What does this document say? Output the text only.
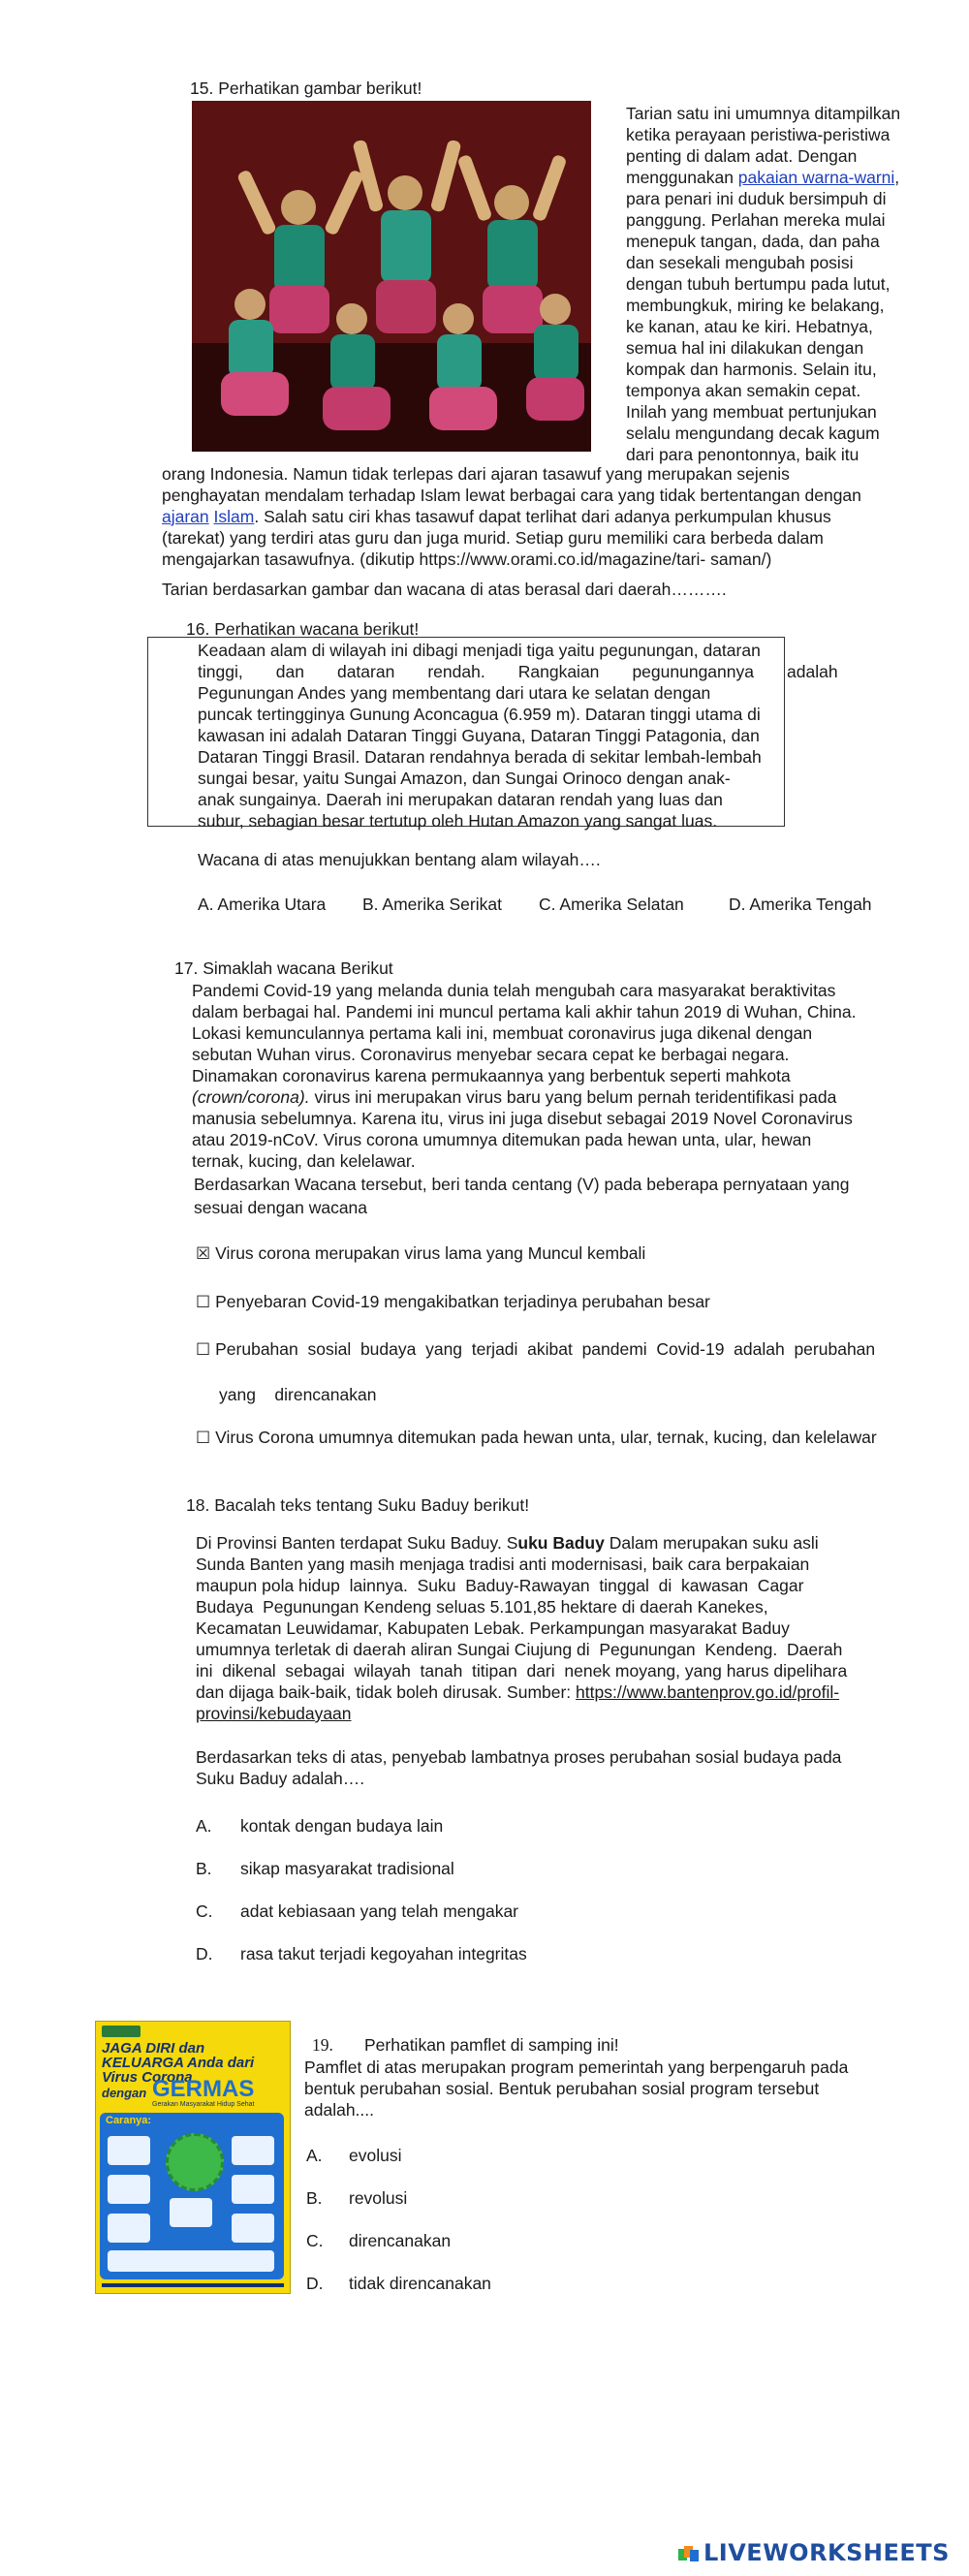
15. Perhatikan gambar berikut!
Tarian satu ini umumnya ditampilkan
ketika perayaan peristiwa-peristiwa
penting di dalam adat. Dengan
menggunakan pakaian warna-warni,
para penari ini duduk bersimpuh di
panggung. Perlahan mereka mulai
menepuk tangan, dada, dan paha
dan sesekali mengubah posisi
dengan tubuh bertumpu pada lutut,
membungkuk, miring ke belakang,
ke kanan, atau ke kiri. Hebatnya,
semua hal ini dilakukan dengan
kompak dan harmonis. Selain itu,
temponya akan semakin cepat.
Inilah yang membuat pertunjukan
selalu mengundang decak kagum
dari para penontonnya, baik itu
orang Indonesia. Namun tidak terlepas dari ajaran tasawuf yang merupakan sejenis
penghayatan mendalam terhadap Islam lewat berbagai cara yang tidak bertentangan dengan
ajaran Islam. Salah satu ciri khas tasawuf dapat terlihat dari adanya perkumpulan khusus
(tarekat) yang terdiri atas guru dan juga murid. Setiap guru memiliki cara berbeda dalam
mengajarkan tasawufnya. (dikutip https://www.orami.co.id/magazine/tari- saman/)
Tarian berdasarkan gambar dan wacana di atas berasal dari daerah……….
16. Perhatikan wacana berikut!
Keadaan alam di wilayah ini dibagi menjadi tiga yaitu pegunungan, dataran
tinggi,       dan       dataran       rendah.       Rangkaian       pegunungannya       adalah
Pegunungan Andes yang membentang dari utara ke selatan dengan
puncak tertingginya Gunung Aconcagua (6.959 m). Dataran tinggi utama di
kawasan ini adalah Dataran Tinggi Guyana, Dataran Tinggi Patagonia, dan
Dataran Tinggi Brasil. Dataran rendahnya berada di sekitar lembah-lembah
sungai besar, yaitu Sungai Amazon, dan Sungai Orinoco dengan anak-
anak sungainya. Daerah ini merupakan dataran rendah yang luas dan
subur, sebagian besar tertutup oleh Hutan Amazon yang sangat luas.
Wacana di atas menujukkan bentang alam wilayah….
A. Amerika Utara B. Amerika Serikat C. Amerika Selatan	D. Amerika Tengah
17. Simaklah wacana Berikut
Pandemi Covid-19 yang melanda dunia telah mengubah cara masyarakat beraktivitas
dalam berbagai hal. Pandemi ini muncul pertama kali akhir tahun 2019 di Wuhan, China.
Lokasi kemunculannya pertama kali ini, membuat coronavirus juga dikenal dengan
sebutan Wuhan virus. Coronavirus menyebar secara cepat ke berbagai negara.
Dinamakan coronavirus karena permukaannya yang berbentuk seperti mahkota
(crown/corona). virus ini merupakan virus baru yang belum pernah teridentifikasi pada
manusia sebelumnya. Karena itu, virus ini juga disebut sebagai 2019 Novel Coronavirus
atau 2019-nCoV. Virus corona umumnya ditemukan pada hewan unta, ular, hewan
ternak, kucing, dan kelelawar.
Berdasarkan Wacana tersebut, beri tanda centang (V) pada beberapa pernyataan yang
sesuai dengan wacana
☒ Virus corona merupakan virus lama yang Muncul kembali
☐ Penyebaran Covid-19 mengakibatkan terjadinya perubahan besar
☐ Perubahan  sosial  budaya  yang  terjadi  akibat  pandemi  Covid-19  adalah  perubahan
yang    direncanakan
☐ Virus Corona umumnya ditemukan pada hewan unta, ular, ternak, kucing, dan kelelawar
18. Bacalah teks tentang Suku Baduy berikut!
Di Provinsi Banten terdapat Suku Baduy. Suku Baduy Dalam merupakan suku asli
Sunda Banten yang masih menjaga tradisi anti modernisasi, baik cara berpakaian
maupun pola hidup  lainnya.  Suku  Baduy-Rawayan  tinggal  di  kawasan  Cagar
Budaya  Pegunungan Kendeng seluas 5.101,85 hektare di daerah Kanekes,
Kecamatan Leuwidamar, Kabupaten Lebak. Perkampungan masyarakat Baduy
umumnya terletak di daerah aliran Sungai Ciujung di  Pegunungan  Kendeng.  Daerah
ini  dikenal  sebagai  wilayah  tanah  titipan  dari  nenek moyang, yang harus dipelihara
dan dijaga baik-baik, tidak boleh dirusak. Sumber: https://www.bantenprov.go.id/profil-
provinsi/kebudayaan
Berdasarkan teks di atas, penyebab lambatnya proses perubahan sosial budaya pada
Suku Baduy adalah….
A. kontak dengan budaya lain
B. sikap masyarakat tradisional
C. adat kebiasaan yang telah mengakar
D. rasa takut terjadi kegoyahan integritas
JAGA DIRI dan
KELUARGA Anda dari
Virus Corona
dengan GERMAS
Gerakan Masyarakat Hidup Sehat
Caranya:
19. Perhatikan pamflet di samping ini!
Pamflet di atas merupakan program pemerintah yang berpengaruh pada
bentuk perubahan sosial. Bentuk perubahan sosial program tersebut
adalah....
A. evolusi
B. revolusi
C. direncanakan
D. tidak direncanakan
LIVEWORKSHEETS
